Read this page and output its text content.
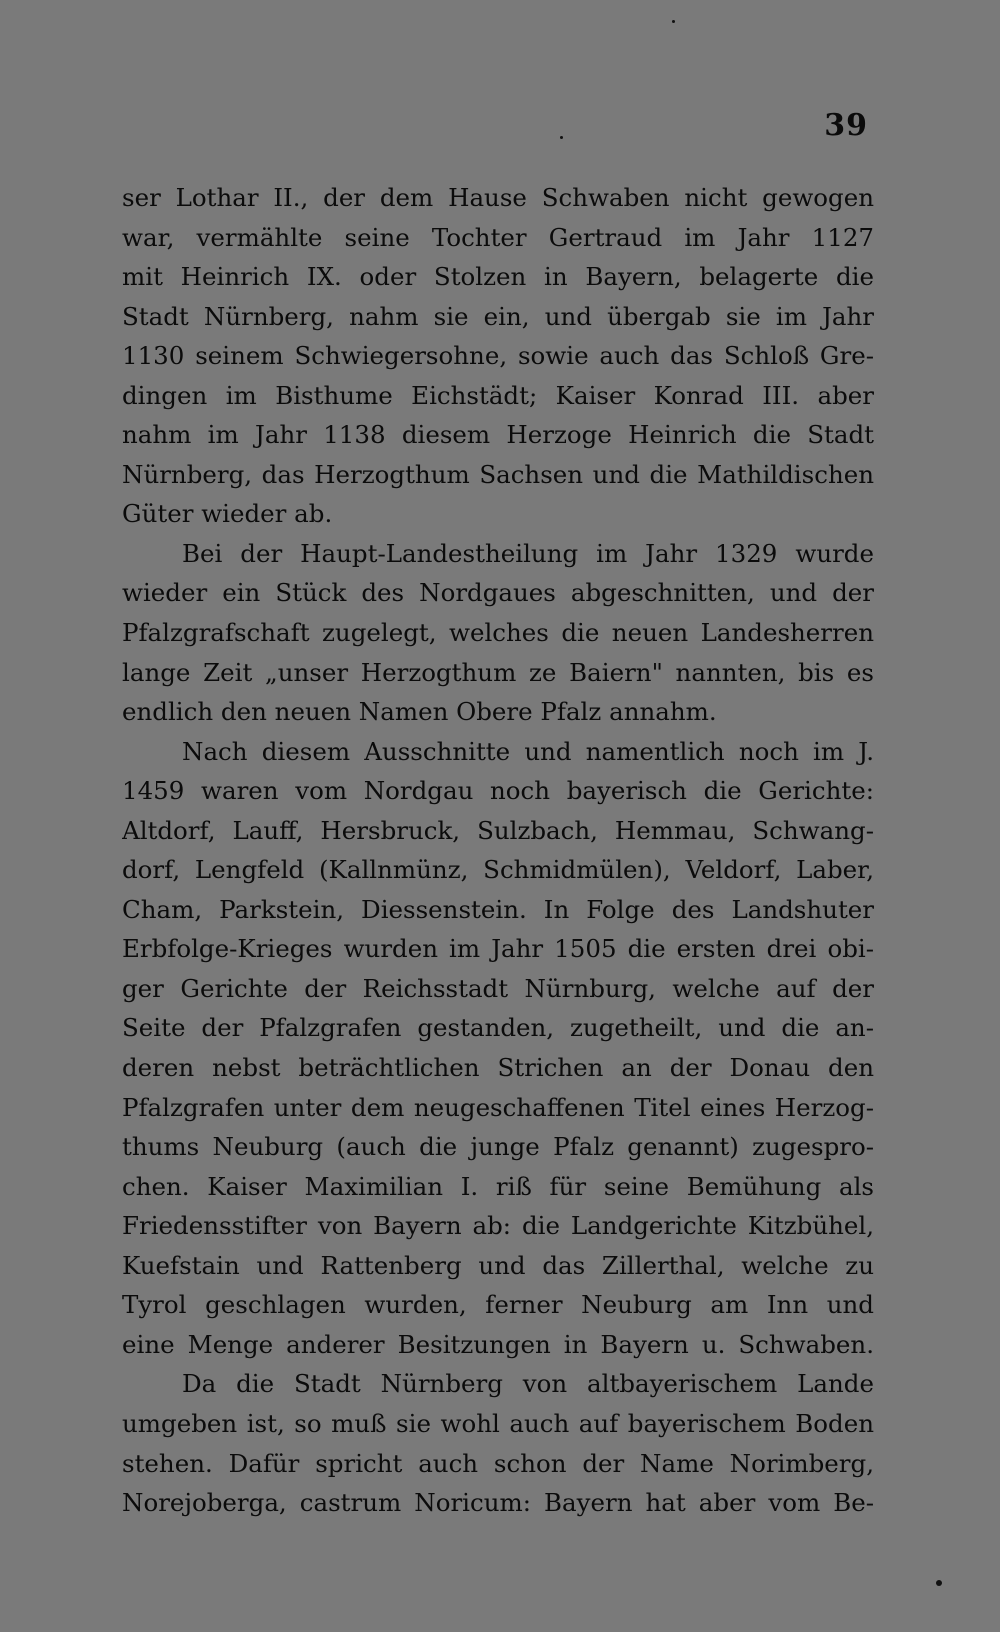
39
ser Lothar II., der dem Hause Schwaben nicht gewogen
war, vermählte seine Tochter Gertraud im Jahr 1127
mit Heinrich IX. oder Stolzen in Bayern, belagerte die
Stadt Nürnberg, nahm sie ein, und übergab sie im Jahr
1130 seinem Schwiegersohne, sowie auch das Schloß Gre-
dingen im Bisthume Eichstädt; Kaiser Konrad III. aber
nahm im Jahr 1138 diesem Herzoge Heinrich die Stadt
Nürnberg, das Herzogthum Sachsen und die Mathildischen
Güter wieder ab.
Bei der Haupt-Landestheilung im Jahr 1329 wurde
wieder ein Stück des Nordgaues abgeschnitten, und der
Pfalzgrafschaft zugelegt, welches die neuen Landesherren
lange Zeit „unser Herzogthum ze Baiern" nannten, bis es
endlich den neuen Namen Obere Pfalz annahm.
Nach diesem Ausschnitte und namentlich noch im J.
1459 waren vom Nordgau noch bayerisch die Gerichte:
Altdorf, Lauff, Hersbruck, Sulzbach, Hemmau, Schwang-
dorf, Lengfeld (Kallnmünz, Schmidmülen), Veldorf, Laber,
Cham, Parkstein, Diessenstein. In Folge des Landshuter
Erbfolge-Krieges wurden im Jahr 1505 die ersten drei obi-
ger Gerichte der Reichsstadt Nürnburg, welche auf der
Seite der Pfalzgrafen gestanden, zugetheilt, und die an-
deren nebst beträchtlichen Strichen an der Donau den
Pfalzgrafen unter dem neugeschaffenen Titel eines Herzog-
thums Neuburg (auch die junge Pfalz genannt) zugespro-
chen. Kaiser Maximilian I. riß für seine Bemühung als
Friedensstifter von Bayern ab: die Landgerichte Kitzbühel,
Kuefstain und Rattenberg und das Zillerthal, welche zu
Tyrol geschlagen wurden, ferner Neuburg am Inn und
eine Menge anderer Besitzungen in Bayern u. Schwaben.
Da die Stadt Nürnberg von altbayerischem Lande
umgeben ist, so muß sie wohl auch auf bayerischem Boden
stehen. Dafür spricht auch schon der Name Norimberg,
Norejoberga, castrum Noricum: Bayern hat aber vom Be-
